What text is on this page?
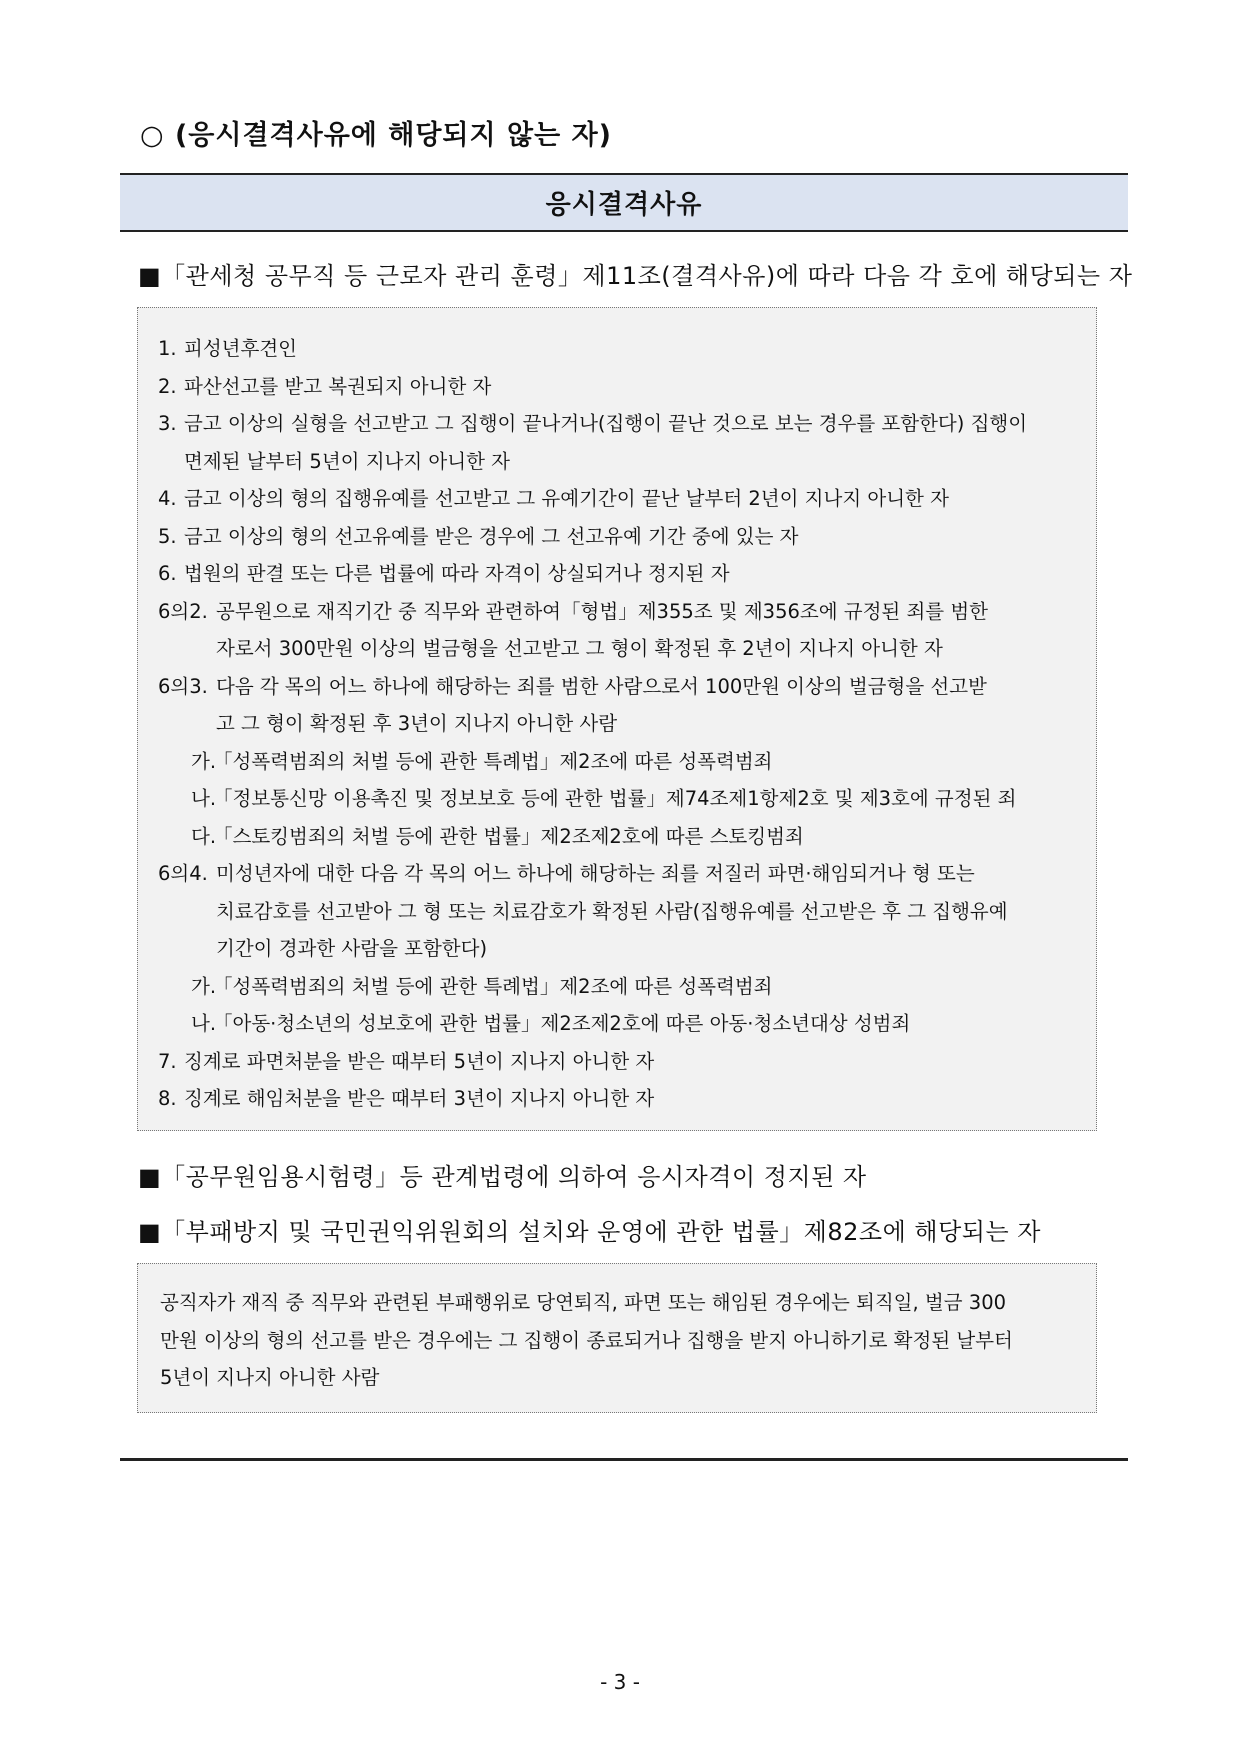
○ (응시결격사유에 해당되지 않는 자)
응시결격사유
■「관세청 공무직 등 근로자 관리 훈령」제11조(결격사유)에 따라 다음 각 호에 해당되는 자
1. 피성년후견인
2. 파산선고를 받고 복권되지 아니한 자
3. 금고 이상의 실형을 선고받고 그 집행이 끝나거나(집행이 끝난 것으로 보는 경우를 포함한다) 집행이
면제된 날부터 5년이 지나지 아니한 자
4. 금고 이상의 형의 집행유예를 선고받고 그 유예기간이 끝난 날부터 2년이 지나지 아니한 자
5. 금고 이상의 형의 선고유예를 받은 경우에 그 선고유예 기간 중에 있는 자
6. 법원의 판결 또는 다른 법률에 따라 자격이 상실되거나 정지된 자
6의2. 공무원으로 재직기간 중 직무와 관련하여「형법」제355조 및 제356조에 규정된 죄를 범한
자로서 300만원 이상의 벌금형을 선고받고 그 형이 확정된 후 2년이 지나지 아니한 자
6의3. 다음 각 목의 어느 하나에 해당하는 죄를 범한 사람으로서 100만원 이상의 벌금형을 선고받
고 그 형이 확정된 후 3년이 지나지 아니한 사람
가.
「성폭력범죄의 처벌 등에 관한 특례법」제2조에 따른 성폭력범죄
나.
「정보통신망 이용촉진 및 정보보호 등에 관한 법률」제74조제1항제2호 및 제3호에 규정된 죄
다.
「스토킹범죄의 처벌 등에 관한 법률」제2조제2호에 따른 스토킹범죄
6의4. 미성년자에 대한 다음 각 목의 어느 하나에 해당하는 죄를 저질러 파면·해임되거나 형 또는
치료감호를 선고받아 그 형 또는 치료감호가 확정된 사람(집행유예를 선고받은 후 그 집행유예
기간이 경과한 사람을 포함한다)
가.
「성폭력범죄의 처벌 등에 관한 특례법」제2조에 따른 성폭력범죄
나.
「아동·청소년의 성보호에 관한 법률」제2조제2호에 따른 아동·청소년대상 성범죄
7. 징계로 파면처분을 받은 때부터 5년이 지나지 아니한 자
8. 징계로 해임처분을 받은 때부터 3년이 지나지 아니한 자
■「공무원임용시험령」등 관계법령에 의하여 응시자격이 정지된 자
■「부패방지 및 국민권익위원회의 설치와 운영에 관한 법률」제82조에 해당되는 자
공직자가 재직 중 직무와 관련된 부패행위로 당연퇴직, 파면 또는 해임된 경우에는 퇴직일, 벌금 300
만원 이상의 형의 선고를 받은 경우에는 그 집행이 종료되거나 집행을 받지 아니하기로 확정된 날부터
5년이 지나지 아니한 사람
- 3 -
